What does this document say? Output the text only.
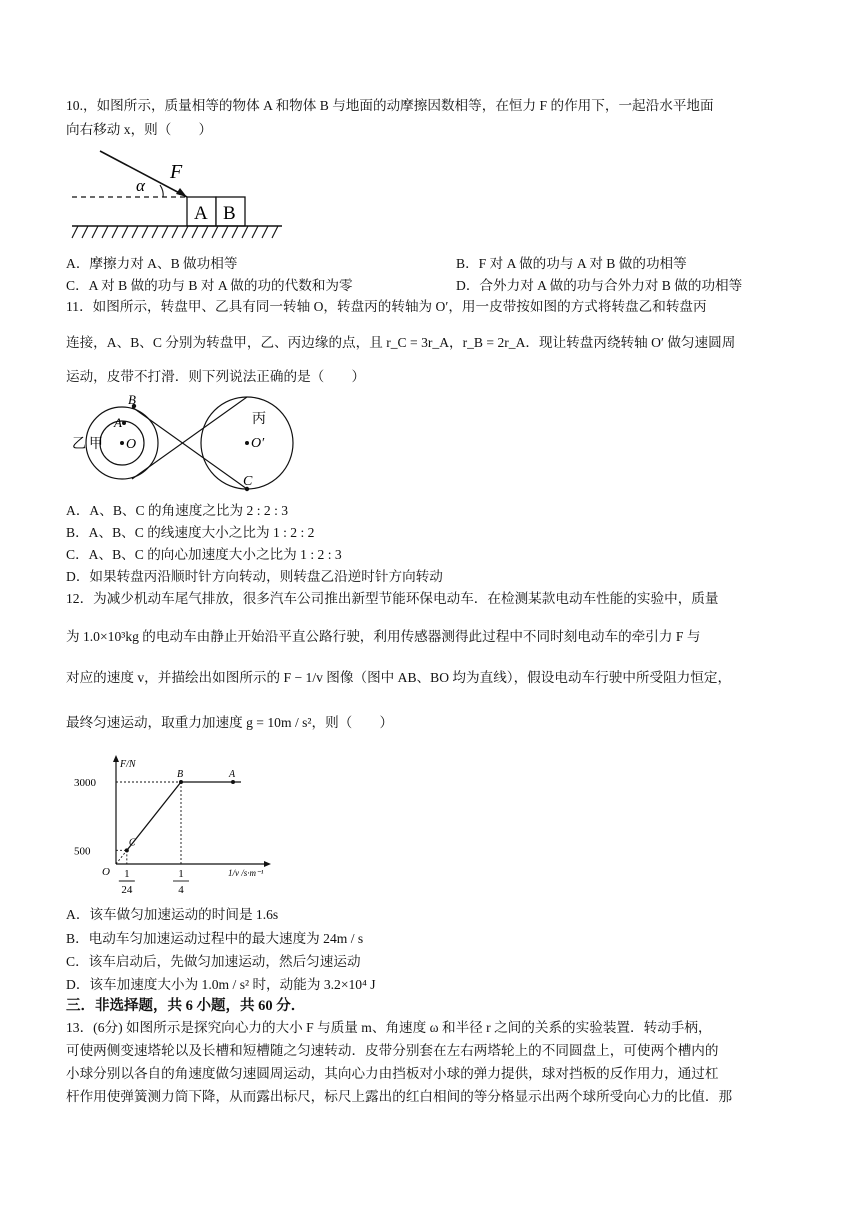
10.，如图所示，质量相等的物体 A 和物体 B 与地面的动摩擦因数相等，在恒力 F 的作用下，一起沿水平地面
向右移动 x，则（　　）
F
α
A B
A．摩擦力对 A、B 做功相等	B．F 对 A 做的功与 A 对 B 做的功相等
C．A 对 B 做的功与 B 对 A 做的功的代数和为零	D．合外力对 A 做的功与合外力对 B 做的功相等
11．如图所示，转盘甲、乙具有同一转轴 O，转盘丙的转轴为 O′，用一皮带按如图的方式将转盘乙和转盘丙
连接，A、B、C 分别为转盘甲，乙、丙边缘的点，且 r_C = 3r_A，r_B = 2r_A．现让转盘丙绕转轴 O′ 做匀速圆周
运动，皮带不打滑．则下列说法正确的是（　　）
B
A
O	O′
C
乙 甲
丙
A．A、B、C 的角速度之比为 2 : 2 : 3
B．A、B、C 的线速度大小之比为 1 : 2 : 2
C．A、B、C 的向心加速度大小之比为 1 : 2 : 3
D．如果转盘丙沿顺时针方向转动，则转盘乙沿逆时针方向转动
12．为减少机动车尾气排放，很多汽车公司推出新型节能环保电动车．在检测某款电动车性能的实验中，质量
为 1.0×10³kg 的电动车由静止开始沿平直公路行驶，利用传感器测得此过程中不同时刻电动车的牵引力 F 与
对应的速度 v，并描绘出如图所示的 F − 1/v 图像（图中 AB、BO 均为直线），假设电动车行驶中所受阻力恒定，
最终匀速运动，取重力加速度 g = 10m / s²，则（　　）
F/N
1/v /s·m⁻¹
O
C
B	A
500
3000
1
24
1
4
A．该车做匀加速运动的时间是 1.6s
B．电动车匀加速运动过程中的最大速度为 24m / s
C．该车启动后，先做匀加速运动，然后匀速运动
D．该车加速度大小为 1.0m / s² 时，动能为 3.2×10⁴ J
三．非选择题，共 6 小题，共 60 分．
13．(6分) 如图所示是探究向心力的大小 F 与质量 m、角速度 ω 和半径 r 之间的关系的实验装置．转动手柄，
可使两侧变速塔轮以及长槽和短槽随之匀速转动．皮带分别套在左右两塔轮上的不同圆盘上，可使两个槽内的
小球分别以各自的角速度做匀速圆周运动，其向心力由挡板对小球的弹力提供，球对挡板的反作用力，通过杠
杆作用使弹簧测力筒下降，从而露出标尺，标尺上露出的红白相间的等分格显示出两个球所受向心力的比值．那
